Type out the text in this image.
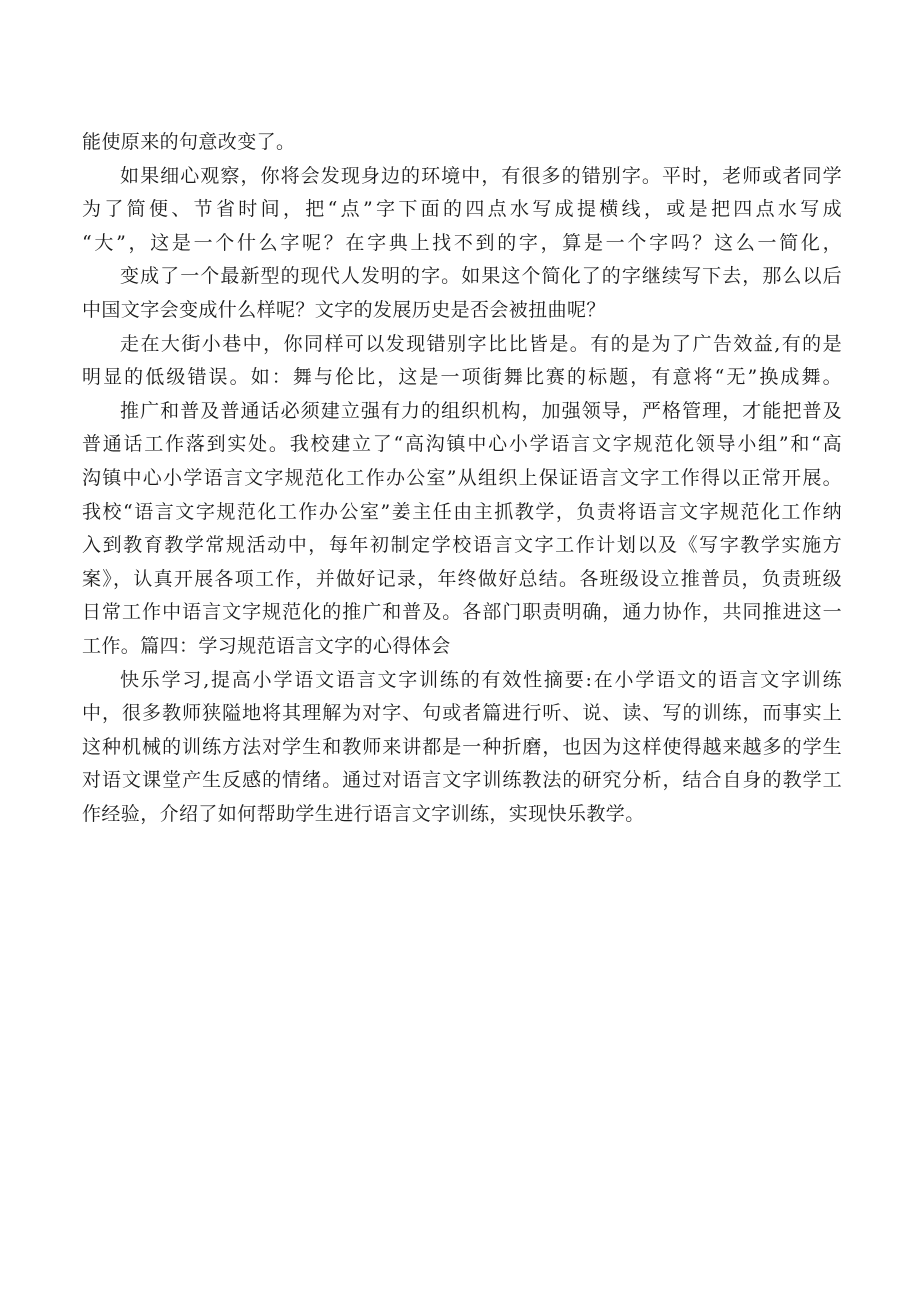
能使原来的句意改变了。
如果细心观察，你将会发现身边的环境中，有很多的错别字。平时，老师或者同学
为了简便、节省时间，把“点”字下面的四点水写成提横线，或是把四点水写成
“大”，这是一个什么字呢？在字典上找不到的字，算是一个字吗？这么一简化，
变成了一个最新型的现代人发明的字。如果这个简化了的字继续写下去，那么以后
中国文字会变成什么样呢？文字的发展历史是否会被扭曲呢？
走在大街小巷中，你同样可以发现错别字比比皆是。有的是为了广告效益,有的是
明显的低级错误。如：舞与伦比，这是一项街舞比赛的标题，有意将“无”换成舞。
推广和普及普通话必须建立强有力的组织机构，加强领导，严格管理，才能把普及
普通话工作落到实处。我校建立了“高沟镇中心小学语言文字规范化领导小组”和“高
沟镇中心小学语言文字规范化工作办公室”从组织上保证语言文字工作得以正常开展。
我校“语言文字规范化工作办公室”姜主任由主抓教学，负责将语言文字规范化工作纳
入到教育教学常规活动中，每年初制定学校语言文字工作计划以及《写字教学实施方
案》，认真开展各项工作，并做好记录，年终做好总结。各班级设立推普员，负责班级
日常工作中语言文字规范化的推广和普及。各部门职责明确，通力协作，共同推进这一
工作。篇四：学习规范语言文字的心得体会
快乐学习,提高小学语文语言文字训练的有效性摘要:在小学语文的语言文字训练
中，很多教师狭隘地将其理解为对字、句或者篇进行听、说、读、写的训练，而事实上
这种机械的训练方法对学生和教师来讲都是一种折磨，也因为这样使得越来越多的学生
对语文课堂产生反感的情绪。通过对语言文字训练教法的研究分析，结合自身的教学工
作经验，介绍了如何帮助学生进行语言文字训练，实现快乐教学。
